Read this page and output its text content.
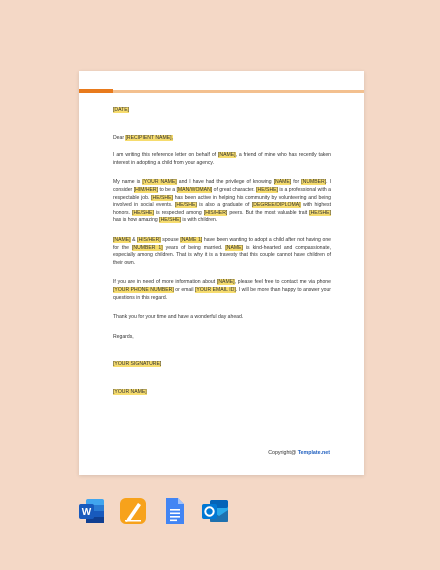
[DATE]

Dear [RECIPIENT NAME],

I am writing this reference letter on behalf of [NAME], a friend of mine who has recently taken interest in adopting a child from your agency.

My name is [YOUR NAME] and I have had the privilege of knowing [NAME] for [NUMBER]. I consider [HIM/HER] to be a [MAN/WOMAN] of great character. [HE/SHE] is a professional with a respectable job. [HE/SHE] has been active in helping his community by volunteering and being involved in social events. [HE/SHE] is also a graduate of [DEGREE/DIPLOMA] with highest honors. [HE/SHE] is respected among [HIS/HER] peers. But the most valuable trait [HE/SHE] has is how amazing [HE/SHE] is with children.

[NAME] & [HIS/HER] spouse [NAME 1] have been wanting to adopt a child after not having one for the [NUMBER 1] years of being married. [NAME] is kind-hearted and compassionate, especially among children. That is why it is a travesty that this couple cannot have children of their own.

If you are in need of more information about [NAME], please feel free to contact me via phone [YOUR PHONE NUMBER] or email [YOUR EMAIL ID]. I will be more than happy to answer your questions in this regard.

Thank you for your time and have a wonderful day ahead.

Regards,

[YOUR SIGNATURE]

[YOUR NAME]

Copyright@ Template.net
W
